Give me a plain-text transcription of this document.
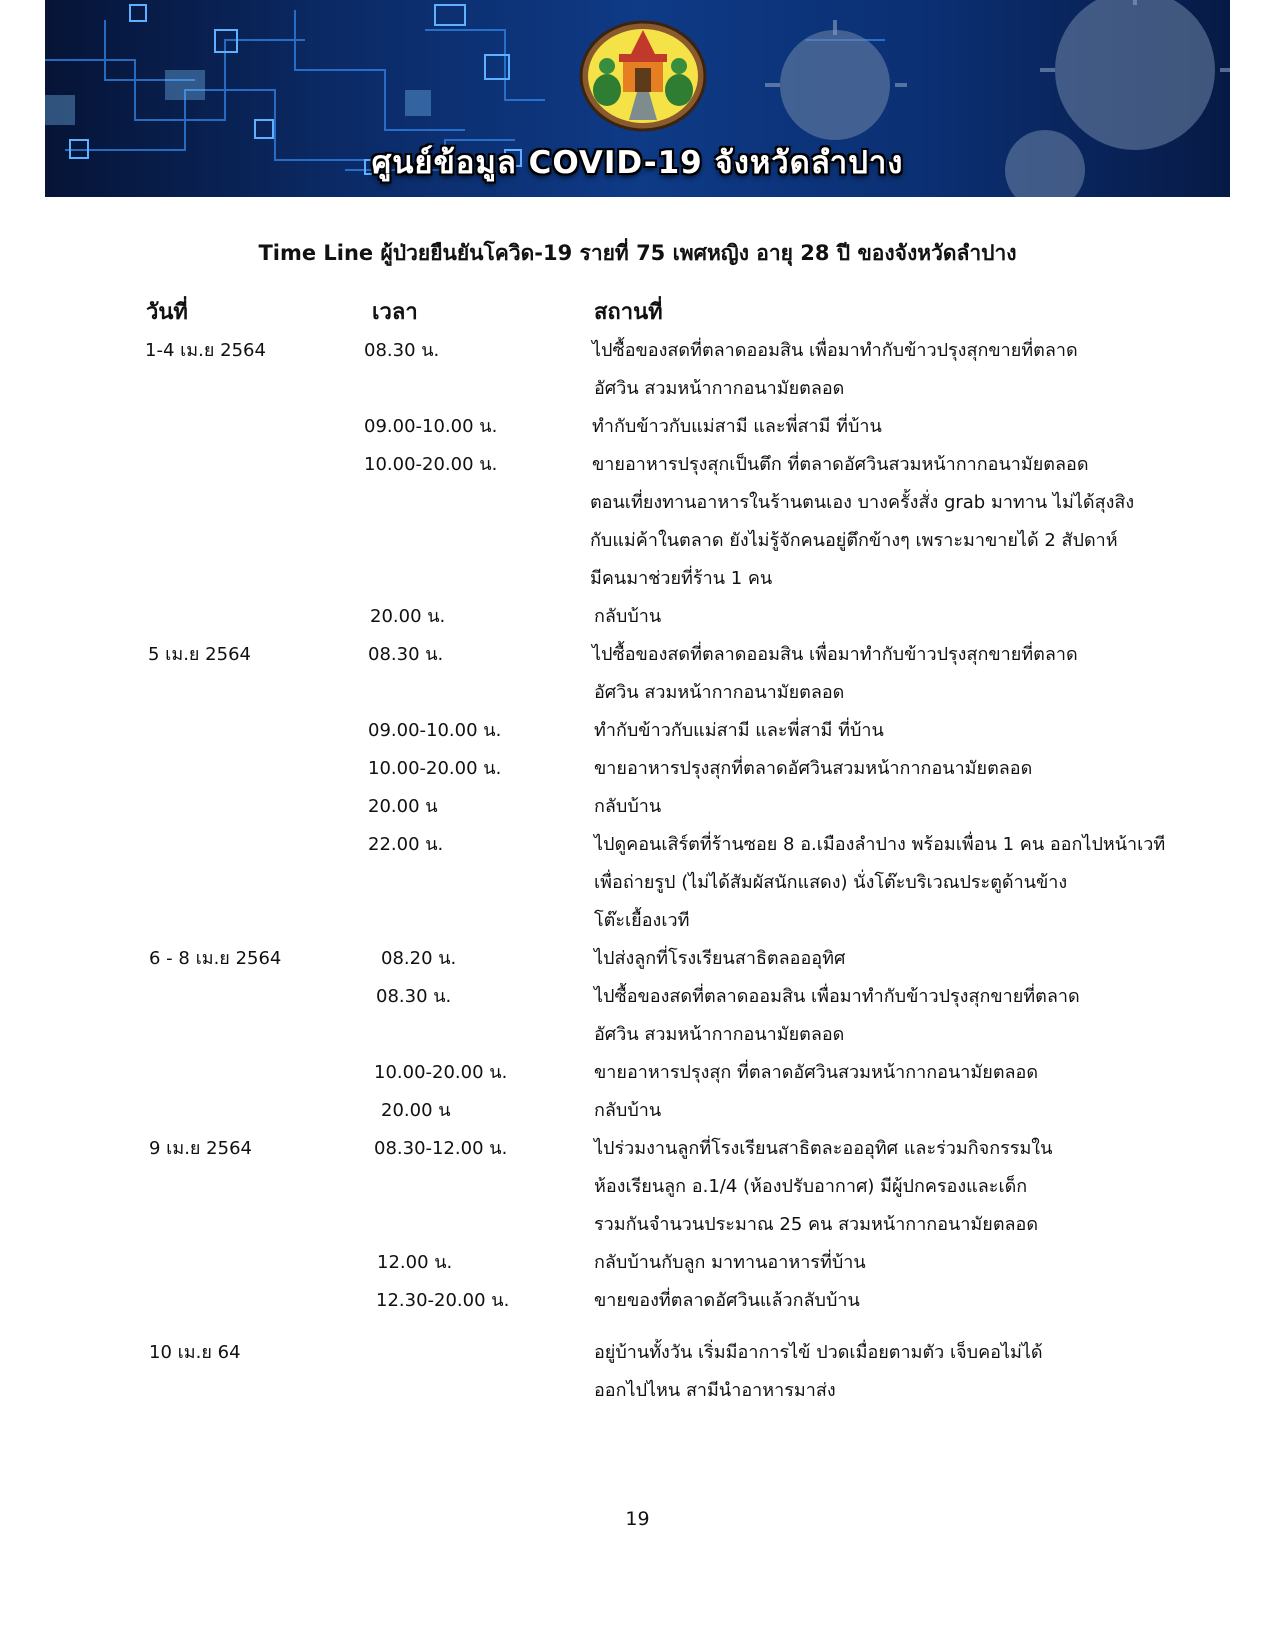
ศูนย์ข้อมูล COVID-19 จังหวัดลำปาง
Time Line ผู้ป่วยยืนยันโควิด-19 รายที่ 75 เพศหญิง อายุ 28 ปี ของจังหวัดลำปาง
วันที่	เวลา	สถานที่
1-4 เม.ย 2564	08.30 น.	ไปซื้อของสดที่ตลาดออมสิน เพื่อมาทำกับข้าวปรุงสุกขายที่ตลาด
อัศวิน สวมหน้ากากอนามัยตลอด
09.00-10.00 น.	ทำกับข้าวกับแม่สามี และพี่สามี ที่บ้าน
10.00-20.00 น.	ขายอาหารปรุงสุกเป็นตึก ที่ตลาดอัศวินสวมหน้ากากอนามัยตลอด
ตอนเที่ยงทานอาหารในร้านตนเอง บางครั้งสั่ง grab มาทาน ไม่ได้สุงสิง
กับแม่ค้าในตลาด ยังไม่รู้จักคนอยู่ตึกข้างๆ เพราะมาขายได้ 2 สัปดาห์
มีคนมาช่วยที่ร้าน 1 คน
20.00 น.	กลับบ้าน
5 เม.ย 2564	08.30 น.	ไปซื้อของสดที่ตลาดออมสิน เพื่อมาทำกับข้าวปรุงสุกขายที่ตลาด
อัศวิน สวมหน้ากากอนามัยตลอด
09.00-10.00 น.	ทำกับข้าวกับแม่สามี และพี่สามี ที่บ้าน
10.00-20.00 น.	ขายอาหารปรุงสุกที่ตลาดอัศวินสวมหน้ากากอนามัยตลอด
20.00 น	กลับบ้าน
22.00 น.	ไปดูคอนเสิร์ตที่ร้านซอย 8 อ.เมืองลำปาง พร้อมเพื่อน 1 คน ออกไปหน้าเวที
เพื่อถ่ายรูป (ไม่ได้สัมผัสนักแสดง) นั่งโต๊ะบริเวณประตูด้านข้าง
โต๊ะเยื้องเวที
6 - 8 เม.ย 2564	08.20 น.	ไปส่งลูกที่โรงเรียนสาธิตลอออุทิศ
08.30 น.	ไปซื้อของสดที่ตลาดออมสิน เพื่อมาทำกับข้าวปรุงสุกขายที่ตลาด
อัศวิน สวมหน้ากากอนามัยตลอด
10.00-20.00 น.	ขายอาหารปรุงสุก ที่ตลาดอัศวินสวมหน้ากากอนามัยตลอด
20.00 น	กลับบ้าน
9 เม.ย 2564	08.30-12.00 น.	ไปร่วมงานลูกที่โรงเรียนสาธิตละอออุทิศ และร่วมกิจกรรมใน
ห้องเรียนลูก อ.1/4 (ห้องปรับอากาศ) มีผู้ปกครองและเด็ก
รวมกันจำนวนประมาณ 25 คน สวมหน้ากากอนามัยตลอด
12.00 น.	กลับบ้านกับลูก มาทานอาหารที่บ้าน
12.30-20.00 น.	ขายของที่ตลาดอัศวินแล้วกลับบ้าน
10 เม.ย 64	อยู่บ้านทั้งวัน เริ่มมีอาการไข้ ปวดเมื่อยตามตัว เจ็บคอไม่ได้
ออกไปไหน สามีนำอาหารมาส่ง
19
